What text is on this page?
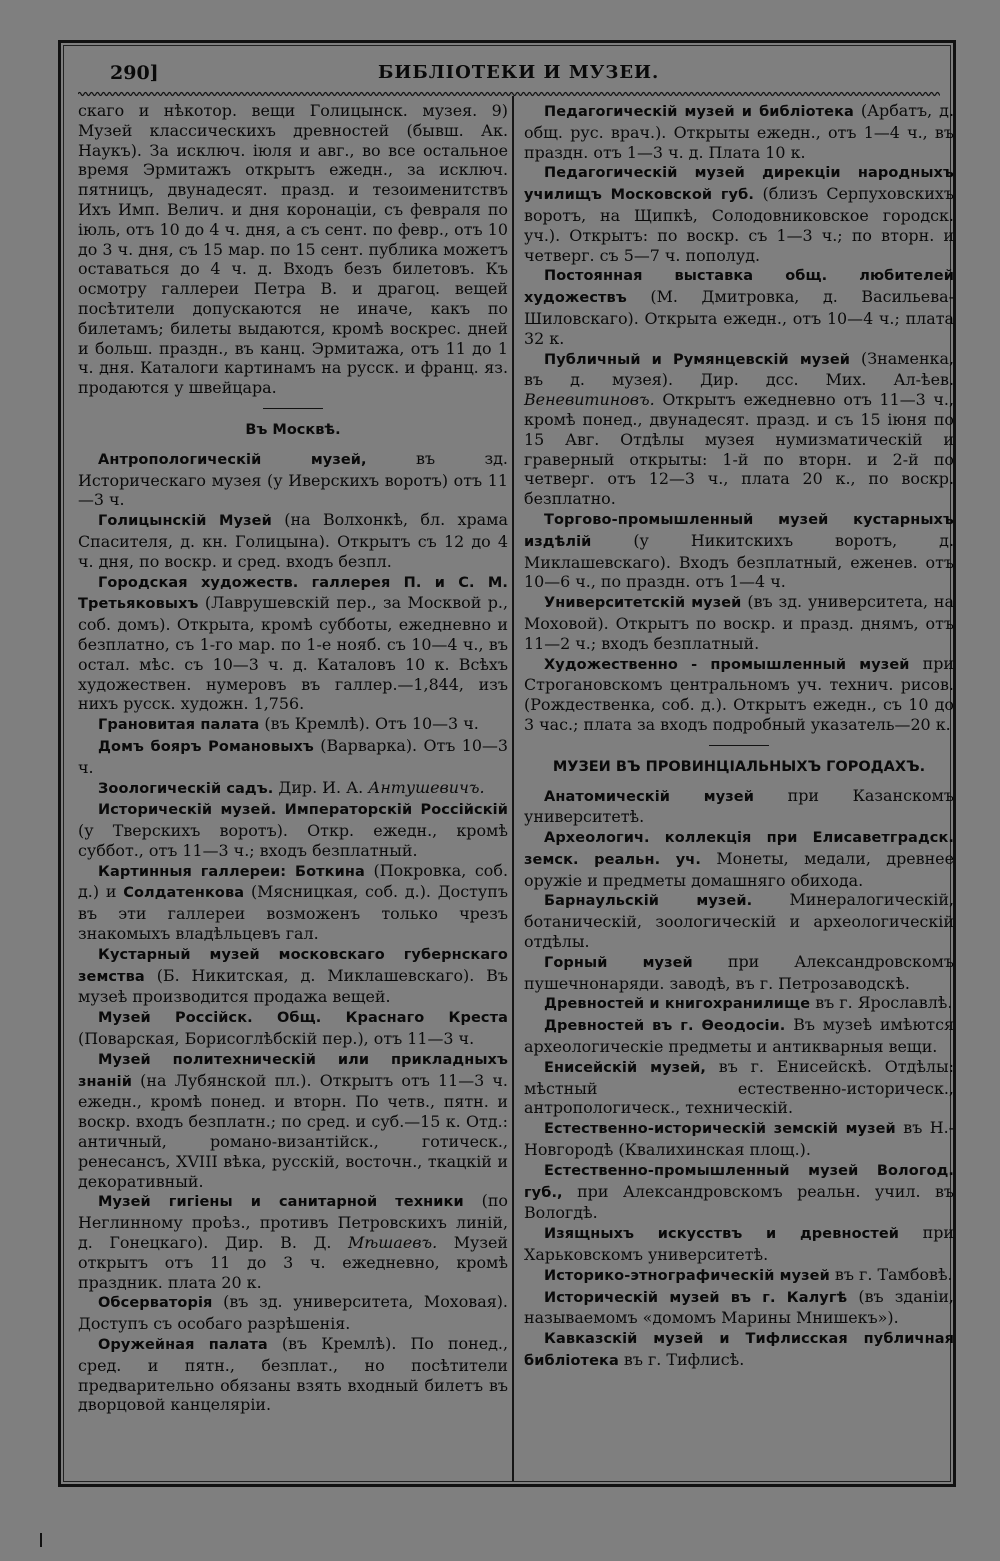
290]	БИБЛІОТЕКИ И МУЗЕИ.

скаго и нѣкотор. вещи Голицынск. музея. 9) Музей классическихъ древностей (бывш. Ак. Наукъ). За исключ. іюля и авг., во все остальное время Эрмитажъ открытъ ежедн., за исключ. пятницъ, двунадесят. празд. и тезоименитствъ Ихъ Имп. Велич. и дня коронаціи, съ февраля по іюль, отъ 10 до 4 ч. дня, а съ сент. по февр., отъ 10 до 3 ч. дня, съ 15 мар. по 15 сент. публика можетъ оставаться до 4 ч. д. Входъ безъ билетовъ. Къ осмотру галлереи Петра В. и драгоц. вещей посѣтители допускаются не иначе, какъ по билетамъ; билеты выдаются, кромѣ воскрес. дней и больш. праздн., въ канц. Эрмитажа, отъ 11 до 1 ч. дня. Каталоги картинамъ на русск. и франц. яз. продаются у швейцара.

Въ Москвѣ.

Антропологическій музей, въ зд. Историческаго музея (у Иверскихъ воротъ) отъ 11—3 ч.

Голицынскій Музей (на Волхонкѣ, бл. храма Спасителя, д. кн. Голицына). Открытъ съ 12 до 4 ч. дня, по воскр. и сред. входъ безпл.

Городская художеств. галлерея П. и С. М. Третьяковыхъ (Лаврушевскій пер., за Москвой р., соб. домъ). Открыта, кромѣ субботы, ежедневно и безплатно, съ 1-го мар. по 1-е нояб. съ 10—4 ч., въ остал. мѣс. съ 10—3 ч. д. Каталовъ 10 к. Всѣхъ художествен. нумеровъ въ галлер.—1,844, изъ нихъ русск. художн. 1,756.

Грановитая палата (въ Кремлѣ). Отъ 10—3 ч.

Домъ бояръ Романовыхъ (Варварка). Отъ 10—3 ч.

Зоологическій садъ. Дир. И. А. Антушевичъ.

Историческій музей. Императорскій Россійскій (у Тверскихъ воротъ). Откр. ежедн., кромѣ суббот., отъ 11—3 ч.; входъ безплатный.

Картинныя галлереи: Боткина (Покровка, соб. д.) и Солдатенкова (Мясницкая, соб. д.). Доступъ въ эти галлереи возможенъ только чрезъ знакомыхъ владѣльцевъ гал.

Кустарный музей московскаго губернскаго земства (Б. Никитская, д. Миклашевскаго). Въ музеѣ производится продажа вещей.

Музей Россійск. Общ. Краснаго Креста (Поварская, Борисоглѣбскій пер.), отъ 11—3 ч.

Музей политехническій или прикладныхъ знаній (на Лубянской пл.). Открытъ отъ 11—3 ч. ежедн., кромѣ понед. и вторн. По четв., пятн. и воскр. входъ безплатн.; по сред. и суб.—15 к. Отд.: античный, романо-византійск., готическ., ренесансъ, XVIII вѣка, русскій, восточн., ткацкій и декоративный.

Музей гигіены и санитарной техники (по Неглинному проѣз., противъ Петровскихъ линій, д. Гонецкаго). Дир. В. Д. Мѣшаевъ. Музей открытъ отъ 11 до 3 ч. ежедневно, кромѣ праздник. плата 20 к.

Обсерваторія (въ зд. университета, Моховая). Доступъ съ особаго разрѣшенія.

Оружейная палата (въ Кремлѣ). По понед., сред. и пятн., безплат., но посѣтители предварительно обязаны взять входный билетъ въ дворцовой канцеляріи.

Педагогическій музей и библіотека (Арбатъ, д. общ. рус. врач.). Открыты ежедн., отъ 1—4 ч., въ праздн. отъ 1—3 ч. д. Плата 10 к.

Педагогическій музей дирекціи народныхъ училищъ Московской губ. (близъ Серпуховскихъ воротъ, на Щипкѣ, Солодовниковское городск. уч.). Открытъ: по воскр. съ 1—3 ч.; по вторн. и четверг. съ 5—7 ч. пополуд.

Постоянная выставка общ. любителей художествъ (М. Дмитровка, д. Васильева-Шиловскаго). Открыта ежедн., отъ 10—4 ч.; плата 32 к.

Публичный и Румянцевскій музей (Знаменка, въ д. музея). Дир. дсс. Мих. Ал-ѣев. Веневитиновъ. Открытъ ежедневно отъ 11—3 ч., кромѣ понед., двунадесят. празд. и съ 15 іюня по 15 Авг. Отдѣлы музея нумизматическій и граверный открыты: 1-й по вторн. и 2-й по четверг. отъ 12—3 ч., плата 20 к., по воскр. безплатно.

Торгово-промышленный музей кустарныхъ издѣлій (у Никитскихъ воротъ, д. Миклашевскаго). Входъ безплатный, еженев. отъ 10—6 ч., по праздн. отъ 1—4 ч.

Университетскій музей (въ зд. университета, на Моховой). Открытъ по воскр. и празд. днямъ, отъ 11—2 ч.; входъ безплатный.

Художественно - промышленный музей при Строгановскомъ центральномъ уч. технич. рисов. (Рождественка, соб. д.). Открытъ ежедн., съ 10 до 3 час.; плата за входъ подробный указатель—20 к.

МУЗЕИ ВЪ ПРОВИНЦІАЛЬНЫХЪ ГОРОДАХЪ.

Анатомическій музей при Казанскомъ университетѣ.

Археологич. коллекція при Елисаветградск. земск. реальн. уч. Монеты, медали, древнее оружіе и предметы домашняго обихода.

Барнаульскій музей. Минералогическій, ботаническій, зоологическій и археологическій отдѣлы.

Горный музей при Александровскомъ пушечнонаряди. заводѣ, въ г. Петрозаводскѣ.

Древностей и книгохранилище въ г. Ярославлѣ.

Древностей въ г. Ѳеодосіи. Въ музеѣ имѣются археологическіе предметы и антикварныя вещи.

Енисейскій музей, въ г. Енисейскѣ. Отдѣлы: мѣстный естественно-историческ., антропологическ., техническій.

Естественно-историческій земскій музей въ Н.-Новгородѣ (Квалихинская площ.).

Естественно-промышленный музей Вологод. губ., при Александровскомъ реальн. учил. въ Вологдѣ.

Изящныхъ искусствъ и древностей при Харьковскомъ университетѣ.

Историко-этнографическій музей въ г. Тамбовѣ.

Историческій музей въ г. Калугѣ (въ зданіи, называемомъ «домомъ Марины Мнишекъ»).

Кавказскій музей и Тифлисская публичная библіотека въ г. Тифлисѣ.
